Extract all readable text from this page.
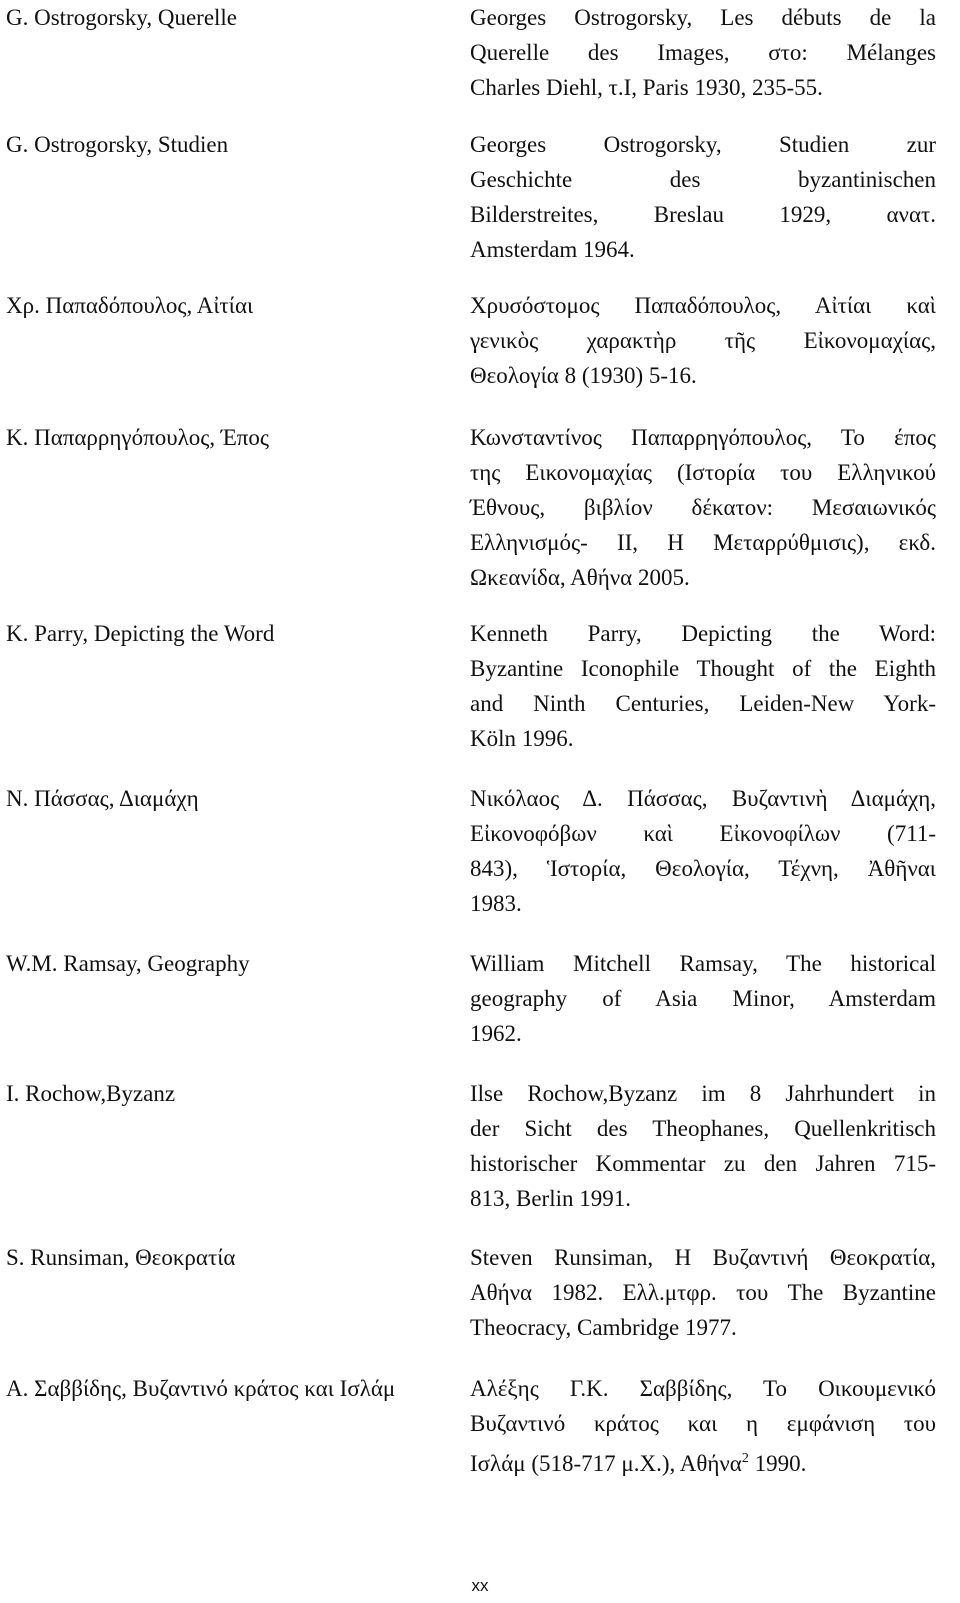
G. Ostrogorsky, Querelle	Georges Ostrogorsky, Les débuts de la
Querelle des Images, στο: Mélanges
Charles Diehl, τ.I, Paris 1930, 235-55.
G. Ostrogorsky, Studien	Georges Ostrogorsky, Studien zur
Geschichte des byzantinischen
Bilderstreites, Breslau 1929, ανατ.
Amsterdam 1964.
Χρ. Παπαδόπουλος, Αἰτίαι	Χρυσόστομος Παπαδόπουλος, Αἰτίαι καὶ
γενικὸς χαρακτὴρ τῆς Εἰκονομαχίας,
Θεολογία 8 (1930) 5-16.
Κ. Παπαρρηγόπουλος, Έπος	Κωνσταντίνος Παπαρρηγόπουλος, Το έπος
της Εικονομαχίας (Ιστορία του Ελληνικού
Έθνους, βιβλίον δέκατον: Μεσαιωνικός
Ελληνισμός- ΙΙ, Η Μεταρρύθμισις), εκδ.
Ωκεανίδα, Αθήνα 2005.
K. Parry, Depicting the Word	Kenneth Parry, Depicting the Word:
Byzantine Iconophile Thought of the Eighth
and Ninth Centuries, Leiden-New York-
Köln 1996.
Ν. Πάσσας, Διαμάχη	Νικόλαος Δ. Πάσσας, Βυζαντινὴ Διαμάχη,
Εἰκονοφόβων καὶ Εἰκονοφίλων (711-
843), Ἱστορία, Θεολογία, Τέχνη, Ἀθῆναι
1983.
W.M. Ramsay, Geography	William Mitchell Ramsay, The historical
geography of Asia Minor, Amsterdam
1962.
I. Rochow,Byzanz	Ilse Rochow,Byzanz im 8 Jahrhundert in
der Sicht des Theophanes, Quellenkritisch
historischer Kommentar zu den Jahren 715-
813, Berlin 1991.
S. Runsiman, Θεοκρατία	Steven Runsiman, Η Βυζαντινή Θεοκρατία,
Αθήνα 1982. Ελλ.μτφρ. του The Byzantine
Theocracy, Cambridge 1977.
Α. Σαββίδης, Βυζαντινό κράτος και Ισλάμ	Αλέξης Γ.Κ. Σαββίδης, Το Οικουμενικό
Βυζαντινό κράτος και η εμφάνιση του
Ισλάμ (518-717 μ.Χ.), Αθήνα$^2$ 1990.
xx
